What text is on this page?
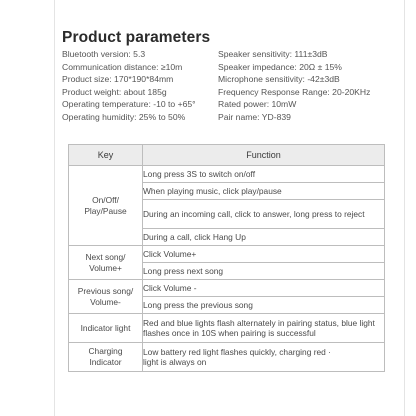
Product parameters
Bluetooth version: 5.3
Communication distance: ≥10m
Product size: 170*190*84mm
Product weight: about 185g
Operating temperature: -10 to +65°
Operating humidity: 25% to 50%
Speaker sensitivity: 111±3dB
Speaker impedance: 20Ω ± 15%
Microphone sensitivity: -42±3dB
Frequency Response Range: 20-20KHz
Rated power: 10mW
Pair name: YD-839
Key	Function
On/Off/
Play/Pause	Long press 3S to switch on/off
	When playing music, click play/pause
	During an incoming call, click to answer, long press to reject
	During a call, click Hang Up
Next song/
Volume+	Click Volume+
	Long press next song
Previous song/
Volume-	Click Volume -
	Long press the previous song
Indicator light	Red and blue lights flash alternately in pairing status, blue light flashes once in 10S when pairing is successful
Charging
Indicator	Low battery red light flashes quickly, charging red ·
light is always on
